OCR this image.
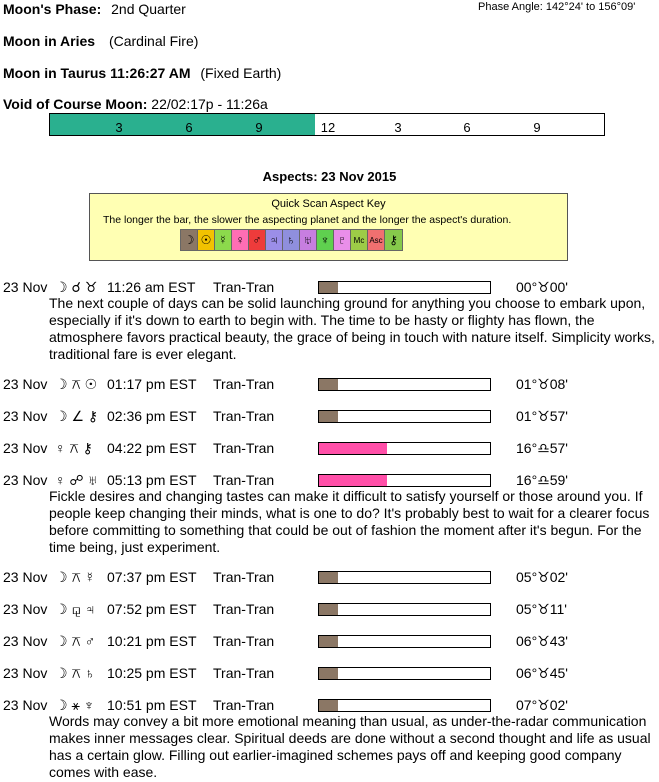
Moon's Phase: 2nd Quarter	Phase Angle: 142°24' to 156°09'
Moon in Aries (Cardinal Fire)
Moon in Taurus 11:26:27 AM (Fixed Earth)
Void of Course Moon: 22/02:17p - 11:26a
3	6	9	12	3	6	9
Aspects: 23 Nov 2015
Quick Scan Aspect Key
The longer the bar, the slower the aspecting planet and the longer the aspect's duration.
☽ ☉ ☿ ♀ ♂ ♃ ♄ ♅ ♆ ♇ Mc Asc ⚷
23 Nov ☽ ☌ ♉ 11:26 am EST Tran-Tran	00°♉00'
The next couple of days can be solid launching ground for anything you choose to embark upon, especially if it's down to earth to begin with. The time to be hasty or flighty has flown, the atmosphere favors practical beauty, the grace of being in touch with nature itself. Simplicity works, traditional fare is ever elegant.
23 Nov ☽ ⚻ ☉ 01:17 pm EST Tran-Tran	01°♉08'
23 Nov ☽ ∠ ⚷ 02:36 pm EST Tran-Tran	01°♉57'
23 Nov ♀ ⚻ ⚷ 04:22 pm EST Tran-Tran	16°♎57'
23 Nov ♀ ☍ ♅ 05:13 pm EST Tran-Tran	16°♎59'
Fickle desires and changing tastes can make it difficult to satisfy yourself or those around you. If people keep changing their minds, what is one to do? It's probably best to wait for a clearer focus before committing to something that could be out of fashion the moment after it's begun. For the time being, just experiment.
23 Nov ☽ ⚻ ☿ 07:37 pm EST Tran-Tran	05°♉02'
23 Nov ☽ ⚼ ♃ 07:52 pm EST Tran-Tran	05°♉11'
23 Nov ☽ ⚻ ♂ 10:21 pm EST Tran-Tran	06°♉43'
23 Nov ☽ ⚻ ♄ 10:25 pm EST Tran-Tran	06°♉45'
23 Nov ☽ ⚹ ♆ 10:51 pm EST Tran-Tran	07°♉02'
Words may convey a bit more emotional meaning than usual, as under-the-radar communication makes inner messages clear. Spiritual deeds are done without a second thought and life as usual has a certain glow. Filling out earlier-imagined schemes pays off and keeping good company comes with ease.
